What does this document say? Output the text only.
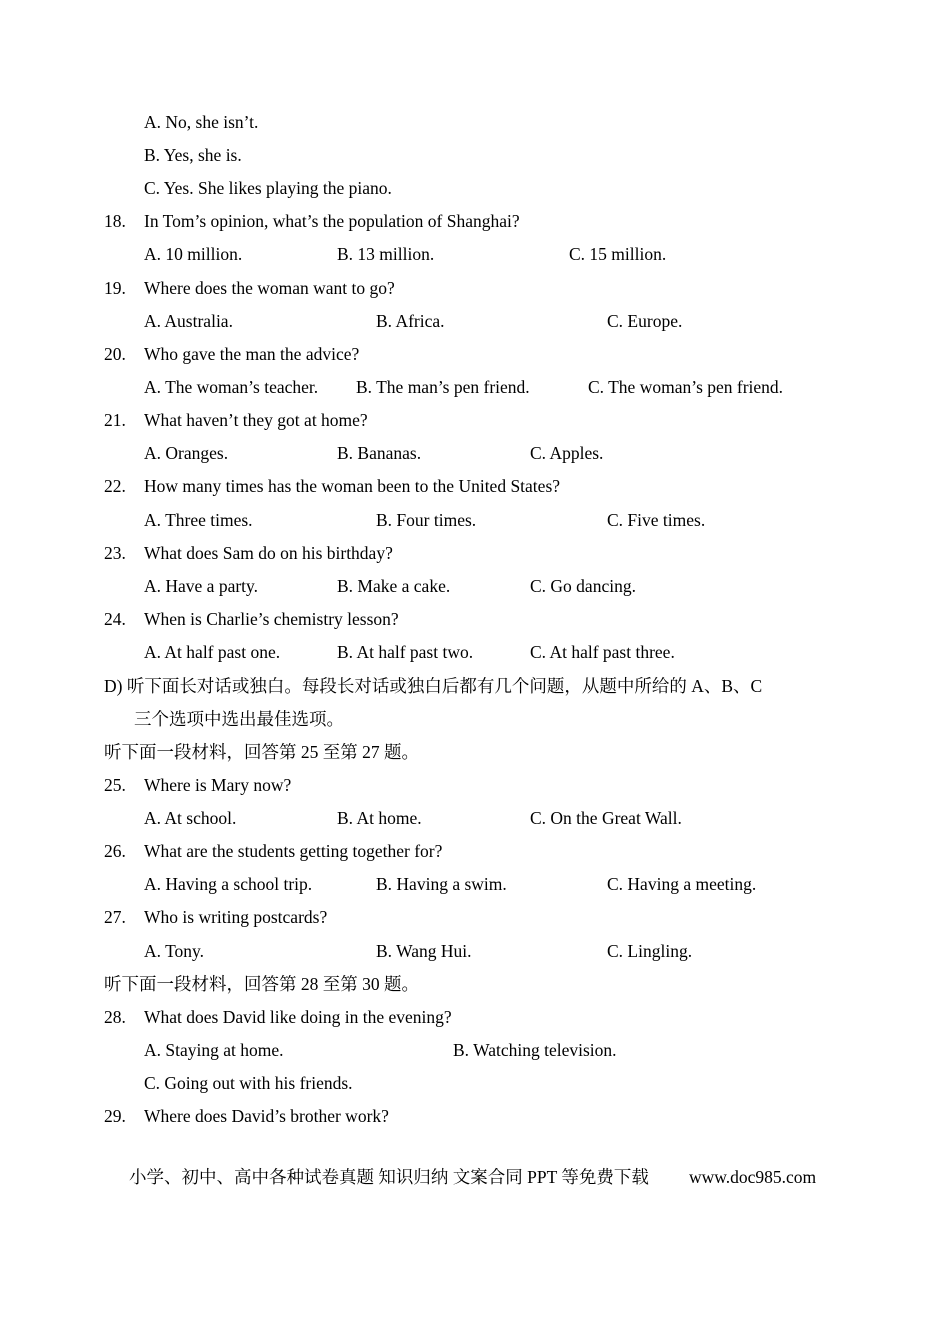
A. No, she isn’t.
B. Yes, she is.
C. Yes. She likes playing the piano.
18. In Tom’s opinion, what’s the population of Shanghai?
A. 10 million.	B. 13 million.	C. 15 million.
19. Where does the woman want to go?
A. Australia.	B. Africa.	C. Europe.
20. Who gave the man the advice?
A. The woman’s teacher. B. The man’s pen friend.	C. The woman’s pen friend.
21. What haven’t they got at home?
A. Oranges.	B. Bananas.	C. Apples.
22. How many times has the woman been to the United States?
A. Three times.	B. Four times.	C. Five times.
23. What does Sam do on his birthday?
A. Have a party.	B. Make a cake.	C. Go dancing.
24. When is Charlie’s chemistry lesson?
A. At half past one.	B. At half past two.	C. At half past three.
D) 听下面长对话或独白。每段长对话或独白后都有几个问题，从题中所给的 A、B、C
三个选项中选出最佳选项。
听下面一段材料，回答第 25 至第 27 题。
25. Where is Mary now?
A. At school.	B. At home.	C. On the Great Wall.
26. What are the students getting together for?
A. Having a school trip.	B. Having a swim.	C. Having a meeting.
27. Who is writing postcards?
A. Tony.	B. Wang Hui.	C. Lingling.
听下面一段材料，回答第 28 至第 30 题。
28. What does David like doing in the evening?
A. Staying at home.	B. Watching television.
C. Going out with his friends.
29. Where does David’s brother work?
小学、初中、高中各种试卷真题 知识归纳 文案合同 PPT 等免费下载 www.doc985.com
